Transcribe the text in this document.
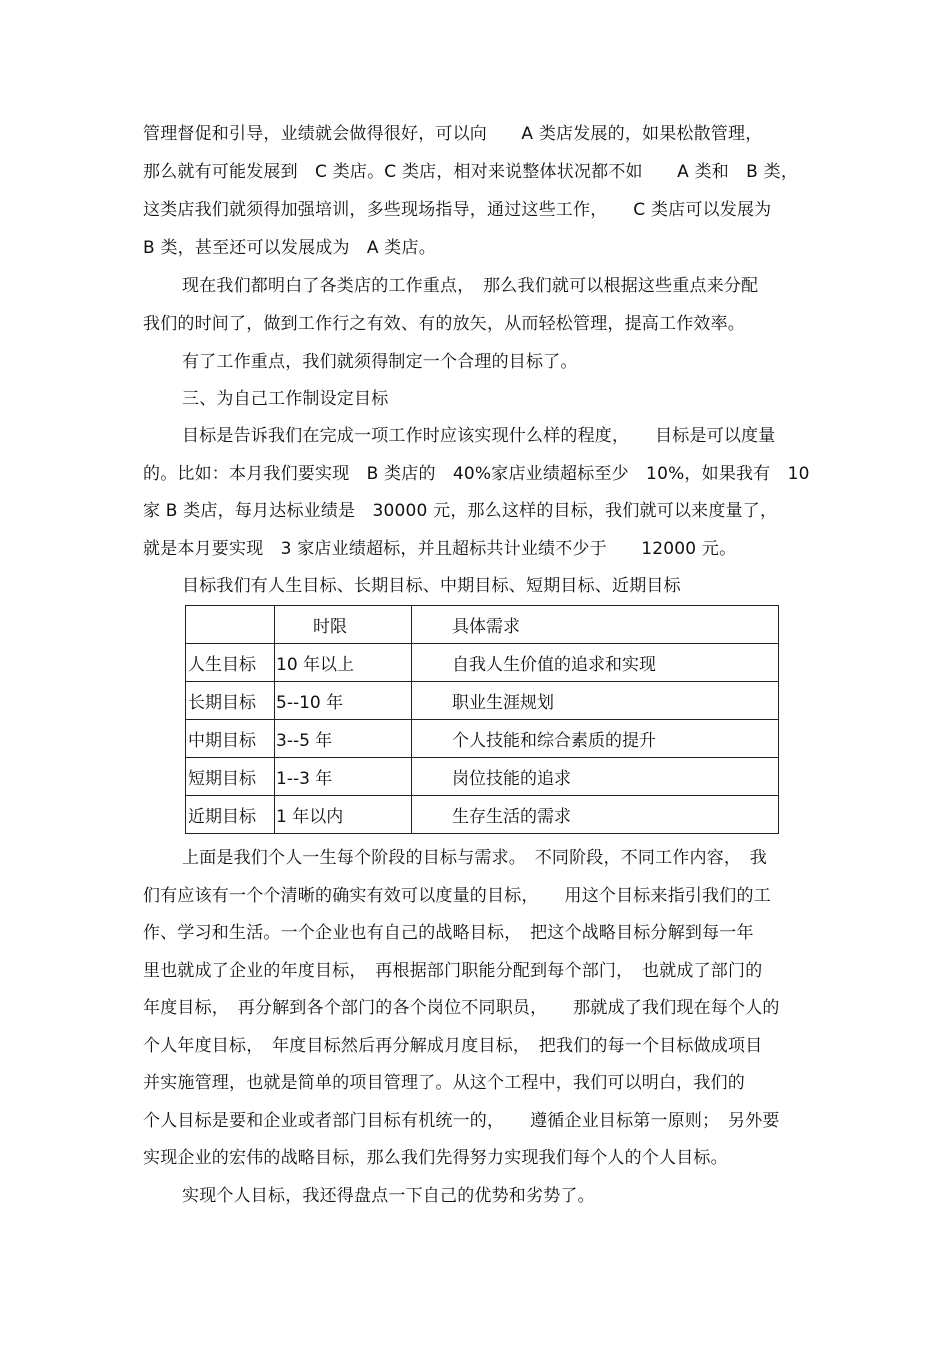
管理督促和引导，业绩就会做得很好，可以向　　A 类店发展的，如果松散管理，
那么就有可能发展到　C 类店。C 类店，相对来说整体状况都不如　　A 类和　B 类，
这类店我们就须得加强培训，多些现场指导，通过这些工作，　　C 类店可以发展为
B 类，甚至还可以发展成为　A 类店。
现在我们都明白了各类店的工作重点，　那么我们就可以根据这些重点来分配
我们的时间了，做到工作行之有效、有的放矢，从而轻松管理，提高工作效率。
有了工作重点，我们就须得制定一个合理的目标了。
三、为自己工作制设定目标
目标是告诉我们在完成一项工作时应该实现什么样的程度，　　目标是可以度量
的。比如：本月我们要实现　B 类店的　40%家店业绩超标至少　10%，如果我有　10
家 B 类店，每月达标业绩是　30000 元，那么这样的目标，我们就可以来度量了，
就是本月要实现　3 家店业绩超标，并且超标共计业绩不少于　　12000 元。
目标我们有人生目标、长期目标、中期目标、短期目标、近期目标
	时限	具体需求
人生目标	10 年以上	自我人生价值的追求和实现
长期目标	5--10 年	职业生涯规划
中期目标	3--5 年	个人技能和综合素质的提升
短期目标	1--3 年	岗位技能的追求
近期目标	1 年以内	生存生活的需求
上面是我们个人一生每个阶段的目标与需求。　不同阶段，不同工作内容，　我
们有应该有一个个清晰的确实有效可以度量的目标，　　用这个目标来指引我们的工
作、学习和生活。一个企业也有自己的战略目标，　把这个战略目标分解到每一年
里也就成了企业的年度目标，　再根据部门职能分配到每个部门，　也就成了部门的
年度目标，　再分解到各个部门的各个岗位不同职员，　　那就成了我们现在每个人的
个人年度目标，　年度目标然后再分解成月度目标，　把我们的每一个目标做成项目
并实施管理，也就是简单的项目管理了。从这个工程中，我们可以明白，我们的
个人目标是要和企业或者部门目标有机统一的，　　遵循企业目标第一原则；　另外要
实现企业的宏伟的战略目标，那么我们先得努力实现我们每个人的个人目标。
实现个人目标，我还得盘点一下自己的优势和劣势了。
